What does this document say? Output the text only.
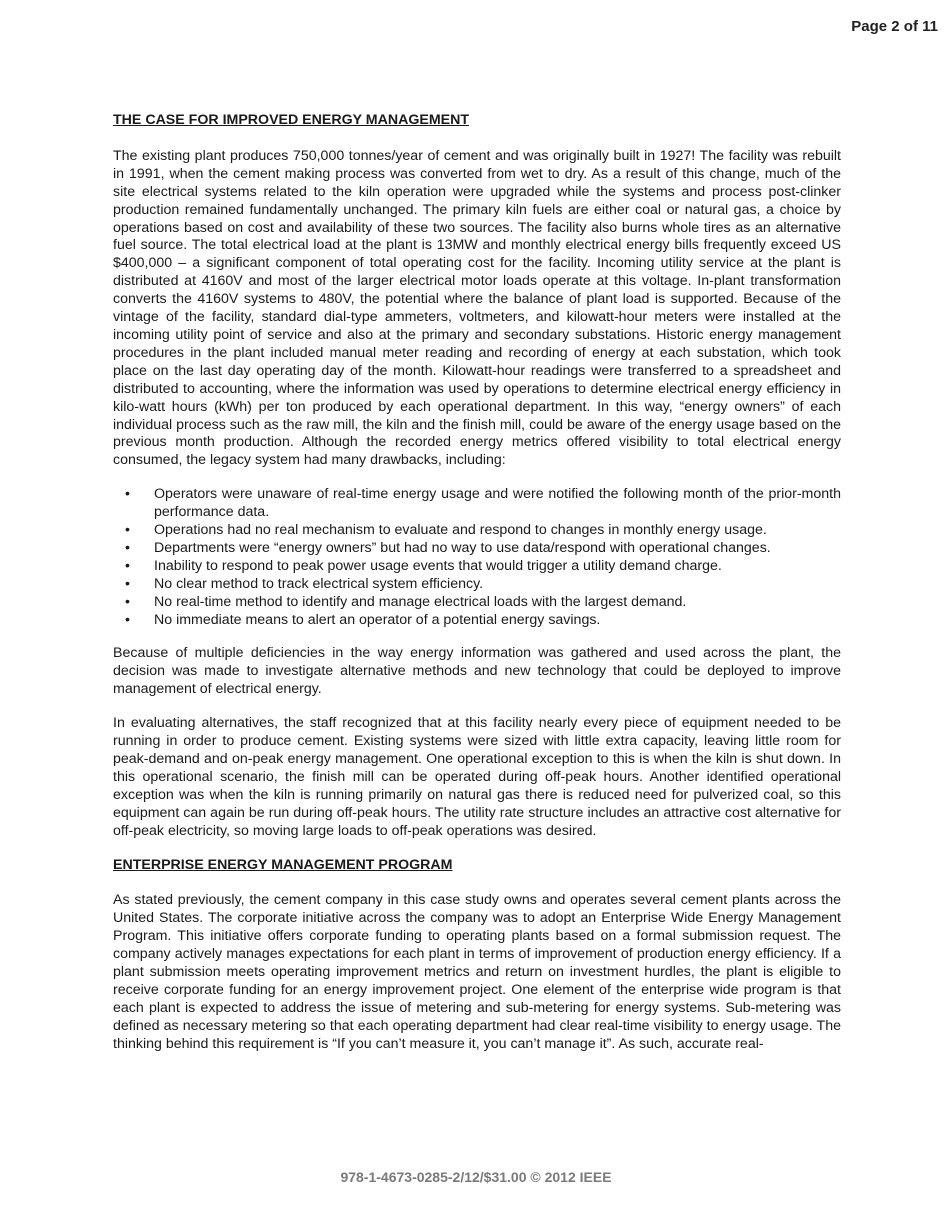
Page 2 of 11
THE CASE FOR IMPROVED ENERGY MANAGEMENT
The existing plant produces 750,000 tonnes/year of cement and was originally built in 1927! The facility was rebuilt in 1991, when the cement making process was converted from wet to dry. As a result of this change, much of the site electrical systems related to the kiln operation were upgraded while the systems and process post-clinker production remained fundamentally unchanged. The primary kiln fuels are either coal or natural gas, a choice by operations based on cost and availability of these two sources. The facility also burns whole tires as an alternative fuel source. The total electrical load at the plant is 13MW and monthly electrical energy bills frequently exceed US $400,000 – a significant component of total operating cost for the facility. Incoming utility service at the plant is distributed at 4160V and most of the larger electrical motor loads operate at this voltage. In-plant transformation converts the 4160V systems to 480V, the potential where the balance of plant load is supported. Because of the vintage of the facility, standard dial-type ammeters, voltmeters, and kilowatt-hour meters were installed at the incoming utility point of service and also at the primary and secondary substations. Historic energy management procedures in the plant included manual meter reading and recording of energy at each substation, which took place on the last day operating day of the month. Kilowatt-hour readings were transferred to a spreadsheet and distributed to accounting, where the information was used by operations to determine electrical energy efficiency in kilo-watt hours (kWh) per ton produced by each operational department. In this way, “energy owners” of each individual process such as the raw mill, the kiln and the finish mill, could be aware of the energy usage based on the previous month production. Although the recorded energy metrics offered visibility to total electrical energy consumed, the legacy system had many drawbacks, including:
• Operators were unaware of real-time energy usage and were notified the following month of the prior-month performance data.
• Operations had no real mechanism to evaluate and respond to changes in monthly energy usage.
• Departments were “energy owners” but had no way to use data/respond with operational changes.
• Inability to respond to peak power usage events that would trigger a utility demand charge.
• No clear method to track electrical system efficiency.
• No real-time method to identify and manage electrical loads with the largest demand.
• No immediate means to alert an operator of a potential energy savings.
Because of multiple deficiencies in the way energy information was gathered and used across the plant, the decision was made to investigate alternative methods and new technology that could be deployed to improve management of electrical energy.
In evaluating alternatives, the staff recognized that at this facility nearly every piece of equipment needed to be running in order to produce cement. Existing systems were sized with little extra capacity, leaving little room for peak-demand and on-peak energy management. One operational exception to this is when the kiln is shut down. In this operational scenario, the finish mill can be operated during off-peak hours. Another identified operational exception was when the kiln is running primarily on natural gas there is reduced need for pulverized coal, so this equipment can again be run during off-peak hours. The utility rate structure includes an attractive cost alternative for off-peak electricity, so moving large loads to off-peak operations was desired.
ENTERPRISE ENERGY MANAGEMENT PROGRAM
As stated previously, the cement company in this case study owns and operates several cement plants across the United States. The corporate initiative across the company was to adopt an Enterprise Wide Energy Management Program. This initiative offers corporate funding to operating plants based on a formal submission request. The company actively manages expectations for each plant in terms of improvement of production energy efficiency. If a plant submission meets operating improvement metrics and return on investment hurdles, the plant is eligible to receive corporate funding for an energy improvement project. One element of the enterprise wide program is that each plant is expected to address the issue of metering and sub-metering for energy systems. Sub-metering was defined as necessary metering so that each operating department had clear real-time visibility to energy usage. The thinking behind this requirement is “If you can’t measure it, you can’t manage it”. As such, accurate real-
978-1-4673-0285-2/12/$31.00 © 2012 IEEE
